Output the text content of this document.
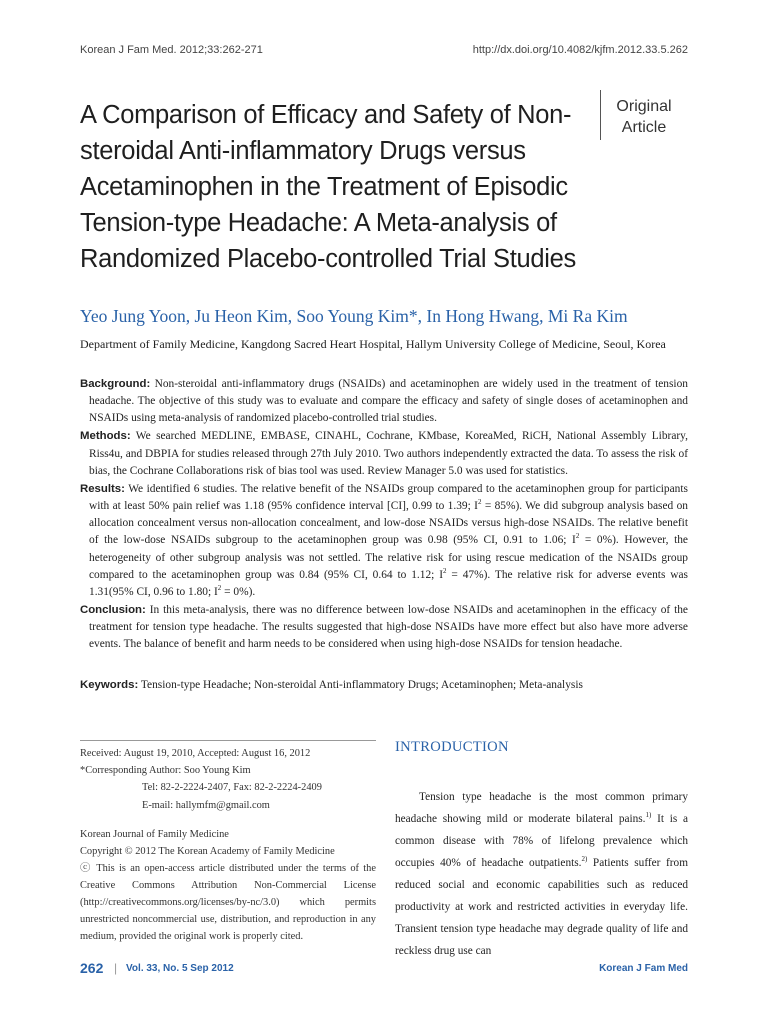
Korean J Fam Med. 2012;33:262-271	http://dx.doi.org/10.4082/kjfm.2012.33.5.262
A Comparison of Efficacy and Safety of Non-steroidal Anti-inflammatory Drugs versus Acetaminophen in the Treatment of Episodic Tension-type Headache: A Meta-analysis of Randomized Placebo-controlled Trial Studies
Original Article
Yeo Jung Yoon, Ju Heon Kim, Soo Young Kim*, In Hong Hwang, Mi Ra Kim
Department of Family Medicine, Kangdong Sacred Heart Hospital, Hallym University College of Medicine, Seoul, Korea

Background: Non-steroidal anti-inflammatory drugs (NSAIDs) and acetaminophen are widely used in the treatment of tension headache. The objective of this study was to evaluate and compare the efficacy and safety of single doses of acetaminophen and NSAIDs using meta-analysis of randomized placebo-controlled trial studies.

Methods: We searched MEDLINE, EMBASE, CINAHL, Cochrane, KMbase, KoreaMed, RiCH, National Assembly Library, Riss4u, and DBPIA for studies released through 27th July 2010. Two authors independently extracted the data. To assess the risk of bias, the Cochrane Collaborations risk of bias tool was used. Review Manager 5.0 was used for statistics.

Results: We identified 6 studies. The relative benefit of the NSAIDs group compared to the acetaminophen group for participants with at least 50% pain relief was 1.18 (95% confidence interval [CI], 0.99 to 1.39; $I^2 = 85\%$). We did subgroup analysis based on allocation concealment versus non-allocation concealment, and low-dose NSAIDs versus high-dose NSAIDs. The relative benefit of the low-dose NSAIDs subgroup to the acetaminophen group was 0.98 (95% CI, 0.91 to 1.06; $I^2 = 0\%$). However, the heterogeneity of other subgroup analysis was not settled. The relative risk for using rescue medication of the NSAIDs group compared to the acetaminophen group was 0.84 (95% CI, 0.64 to 1.12; $I^2 = 47\%$). The relative risk for adverse events was 1.31(95% CI, 0.96 to 1.80; $I^2 = 0\%$).

Conclusion: In this meta-analysis, there was no difference between low-dose NSAIDs and acetaminophen in the efficacy of the treatment for tension type headache. The results suggested that high-dose NSAIDs have more effect but also have more adverse events. The balance of benefit and harm needs to be considered when using high-dose NSAIDs for tension headache.

Keywords: Tension-type Headache; Non-steroidal Anti-inflammatory Drugs; Acetaminophen; Meta-analysis
Received: August 19, 2010, Accepted: August 16, 2012
*Corresponding Author: Soo Young Kim
Tel: 82-2-2224-2407, Fax: 82-2-2224-2409
E-mail: hallymfm@gmail.com
Korean Journal of Family Medicine
Copyright © 2012 The Korean Academy of Family Medicine
ⓒ This is an open-access article distributed under the terms of the Creative Commons Attribution Non-Commercial License (http://creativecommons.org/licenses/by-nc/3.0) which permits unrestricted noncommercial use, distribution, and reproduction in any medium, provided the original work is properly cited.
INTRODUCTION
Tension type headache is the most common primary headache showing mild or moderate bilateral pains.$^{1)}$ It is a common disease with 78% of lifelong prevalence which occupies 40% of headache outpatients.$^{2)}$ Patients suffer from reduced social and economic capabilities such as reduced productivity at work and restricted activities in everyday life. Transient tension type headache may degrade quality of life and reckless drug use can
262 | Vol. 33, No. 5 Sep 2012	Korean J Fam Med
